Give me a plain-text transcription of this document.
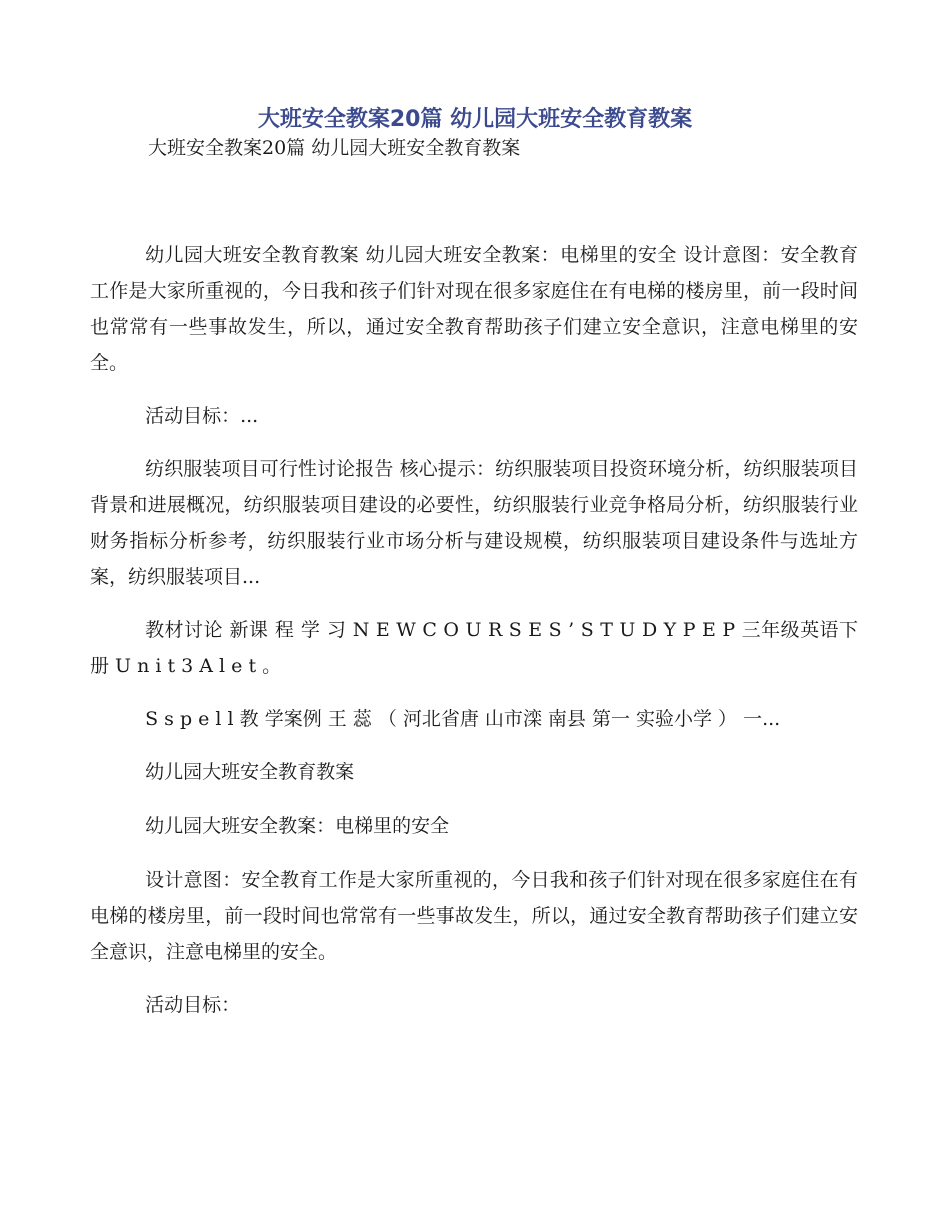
大班安全教案20篇 幼儿园大班安全教育教案

大班安全教案20篇 幼儿园大班安全教育教案

幼儿园大班安全教育教案 幼儿园大班安全教案：电梯里的安全 设计意图：安全教育工作是大家所重视的，今日我和孩子们针对现在很多家庭住在有电梯的楼房里，前一段时间也常常有一些事故发生，所以，通过安全教育帮助孩子们建立安全意识，注意电梯里的安全。

活动目标：...

纺织服装项目可行性讨论报告 核心提示：纺织服装项目投资环境分析，纺织服装项目背景和进展概况，纺织服装项目建设的必要性，纺织服装行业竞争格局分析，纺织服装行业财务指标分析参考，纺织服装行业市场分析与建设规模，纺织服装项目建设条件与选址方案，纺织服装项目...

教材讨论 新课 程 学 习 N E W C O U R S E S ’ S T U D Y P E P 三年级英语下册 U n i t 3 A l e t 。

S s p e l l 教 学案例 王 蕊 （ 河北省唐 山市滦 南县 第一 实验小学 ） 一...

幼儿园大班安全教育教案

幼儿园大班安全教案：电梯里的安全

设计意图：安全教育工作是大家所重视的，今日我和孩子们针对现在很多家庭住在有电梯的楼房里，前一段时间也常常有一些事故发生，所以，通过安全教育帮助孩子们建立安全意识，注意电梯里的安全。

活动目标：
